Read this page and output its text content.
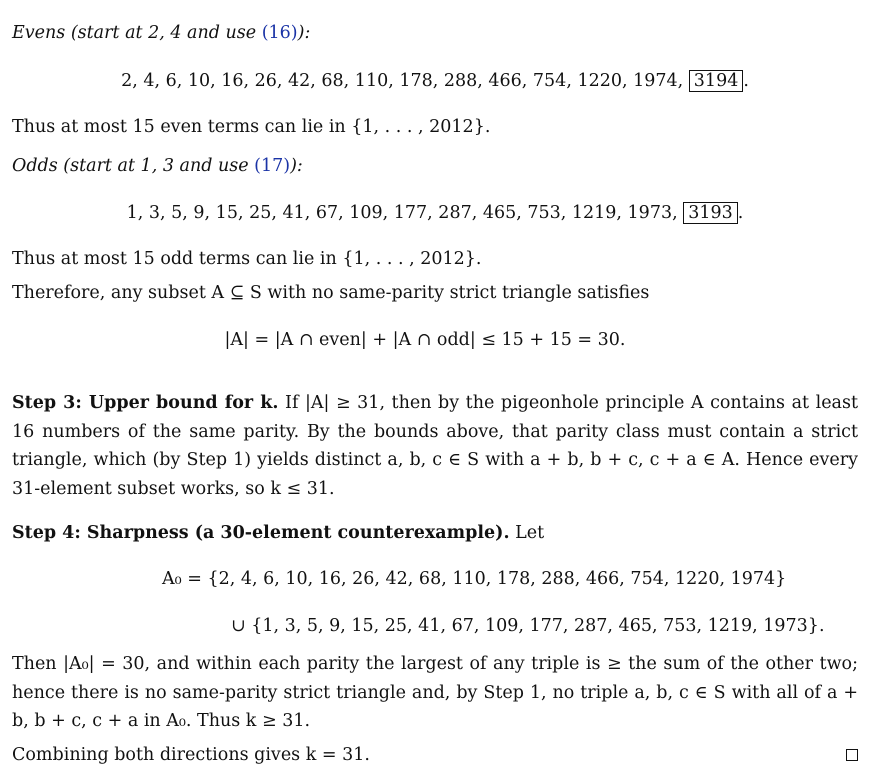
Evens (start at 2, 4 and use (16)):
2, 4, 6, 10, 16, 26, 42, 68, 110, 178, 288, 466, 754, 1220, 1974, 3194 .
Thus at most 15 even terms can lie in {1, . . . , 2012}.
Odds (start at 1, 3 and use (17)):
1, 3, 5, 9, 15, 25, 41, 67, 109, 177, 287, 465, 753, 1219, 1973, 3193 .
Thus at most 15 odd terms can lie in {1, . . . , 2012}.
Therefore, any subset A ⊆ S with no same-parity strict triangle satisfies
|A| = |A ∩ even| + |A ∩ odd| ≤ 15 + 15 = 30.
Step 3: Upper bound for k. If |A| ≥ 31, then by the pigeonhole principle A contains at least 16 numbers of the same parity. By the bounds above, that parity class must contain a strict triangle, which (by Step 1) yields distinct a, b, c ∈ S with a + b, b + c, c + a ∈ A. Hence every 31-element subset works, so k ≤ 31.
Step 4: Sharpness (a 30-element counterexample). Let
A₀ = {2, 4, 6, 10, 16, 26, 42, 68, 110, 178, 288, 466, 754, 1220, 1974}
∪ {1, 3, 5, 9, 15, 25, 41, 67, 109, 177, 287, 465, 753, 1219, 1973}.
Then |A₀| = 30, and within each parity the largest of any triple is ≥ the sum of the other two; hence there is no same-parity strict triangle and, by Step 1, no triple a, b, c ∈ S with all of a + b, b + c, c + a in A₀. Thus k ≥ 31.
Combining both directions gives k = 31.
